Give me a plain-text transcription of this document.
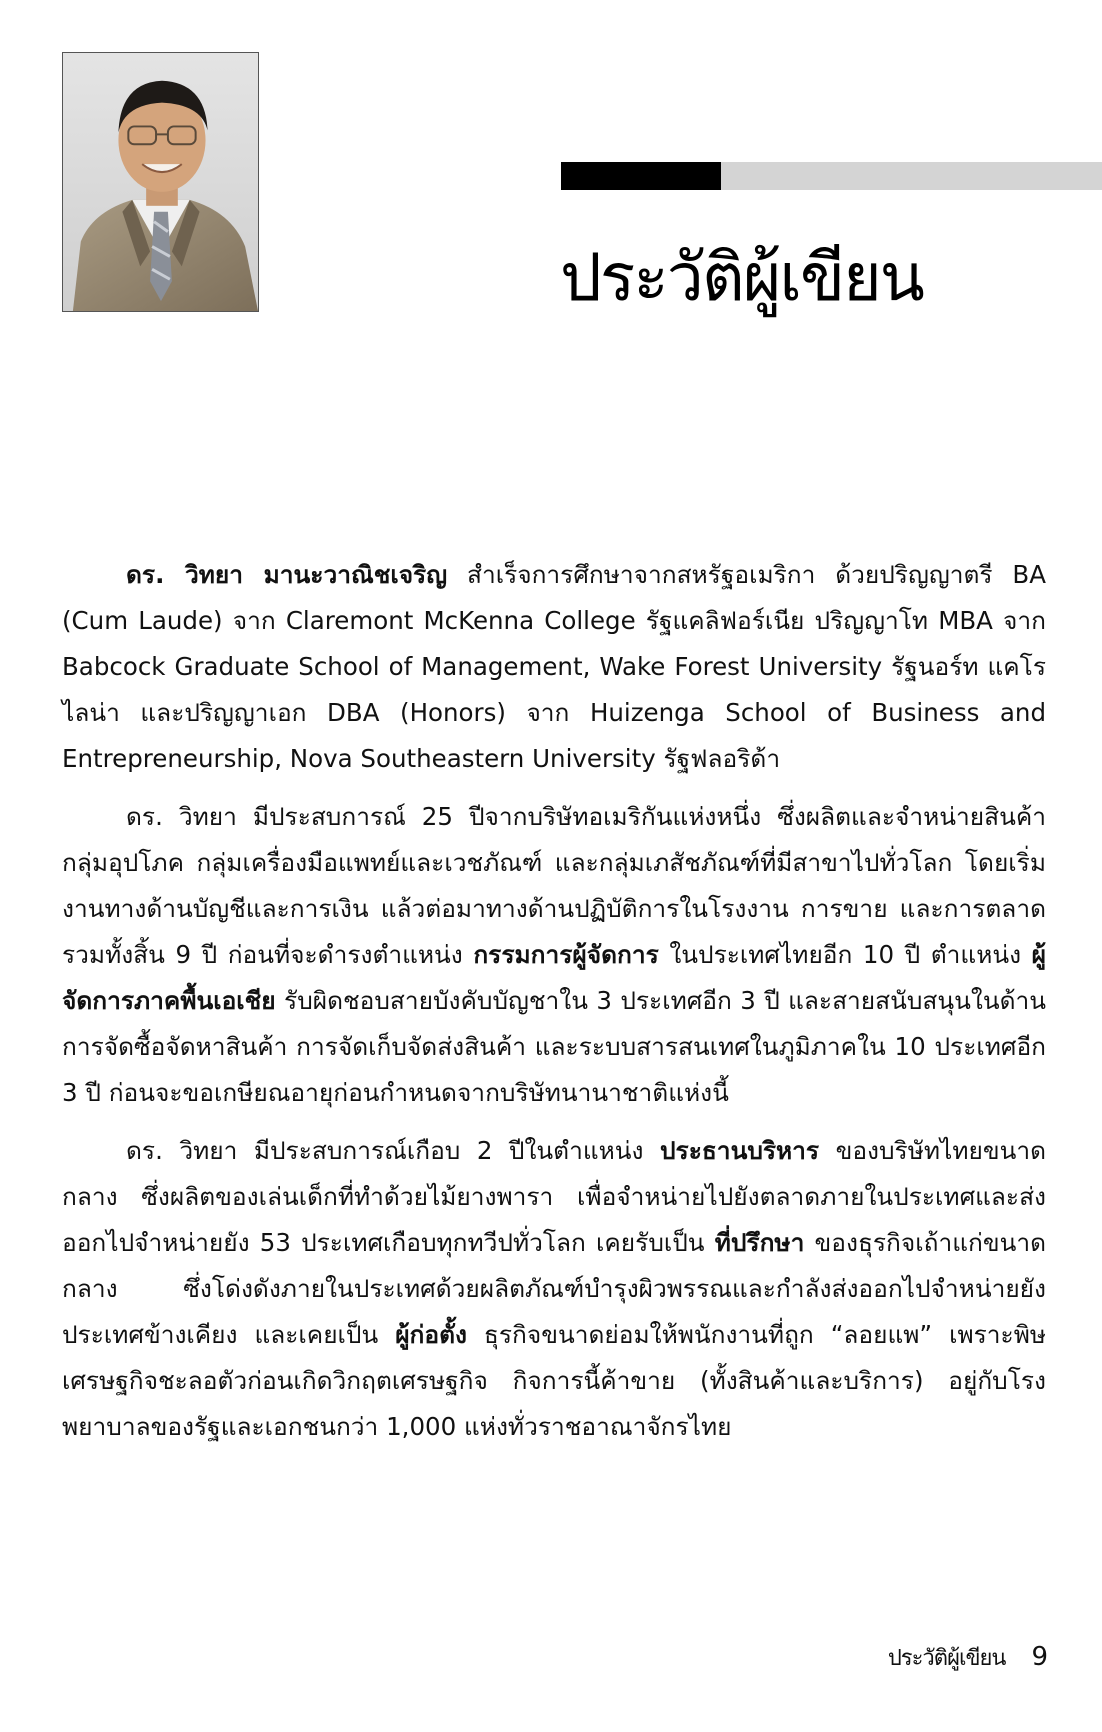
ประวัติผู้เขียน

ดร. วิทยา มานะวาณิชเจริญ สำเร็จการศึกษาจากสหรัฐอเมริกา ด้วยปริญญาตรี BA (Cum Laude) จาก Claremont McKenna College รัฐแคลิฟอร์เนีย ปริญญาโท MBA จาก Babcock Graduate School of Management, Wake Forest University รัฐนอร์ท แคโรไลน่า และปริญญาเอก DBA (Honors) จาก Huizenga School of Business and Entrepreneurship, Nova Southeastern University รัฐฟลอริด้า

ดร. วิทยา มีประสบการณ์ 25 ปีจากบริษัทอเมริกันแห่งหนึ่ง ซึ่งผลิตและจำหน่ายสินค้ากลุ่มอุปโภค กลุ่มเครื่องมือแพทย์และเวชภัณฑ์ และกลุ่มเภสัชภัณฑ์ที่มีสาขาไปทั่วโลก โดยเริ่มงานทางด้านบัญชีและการเงิน แล้วต่อมาทางด้านปฏิบัติการในโรงงาน การขาย และการตลาดรวมทั้งสิ้น 9 ปี ก่อนที่จะดำรงตำแหน่ง กรรมการผู้จัดการ ในประเทศไทยอีก 10 ปี ตำแหน่ง ผู้จัดการภาคพื้นเอเชีย รับผิดชอบสายบังคับบัญชาใน 3 ประเทศอีก 3 ปี และสายสนับสนุนในด้านการจัดซื้อจัดหาสินค้า การจัดเก็บจัดส่งสินค้า และระบบสารสนเทศในภูมิภาคใน 10 ประเทศอีก 3 ปี ก่อนจะขอเกษียณอายุก่อนกำหนดจากบริษัทนานาชาติแห่งนี้

ดร. วิทยา มีประสบการณ์เกือบ 2 ปีในตำแหน่ง ประธานบริหาร ของบริษัทไทยขนาดกลาง ซึ่งผลิตของเล่นเด็กที่ทำด้วยไม้ยางพารา เพื่อจำหน่ายไปยังตลาดภายในประเทศและส่งออกไปจำหน่ายยัง 53 ประเทศเกือบทุกทวีปทั่วโลก เคยรับเป็น ที่ปรึกษา ของธุรกิจเถ้าแก่ขนาดกลาง ซึ่งโด่งดังภายในประเทศด้วยผลิตภัณฑ์บำรุงผิวพรรณและกำลังส่งออกไปจำหน่ายยังประเทศข้างเคียง และเคยเป็น ผู้ก่อตั้ง ธุรกิจขนาดย่อมให้พนักงานที่ถูก “ลอยแพ” เพราะพิษเศรษฐกิจชะลอตัวก่อนเกิดวิกฤตเศรษฐกิจ กิจการนี้ค้าขาย (ทั้งสินค้าและบริการ) อยู่กับโรงพยาบาลของรัฐและเอกชนกว่า 1,000 แห่งทั่วราชอาณาจักรไทย

ประวัติผู้เขียน 9
